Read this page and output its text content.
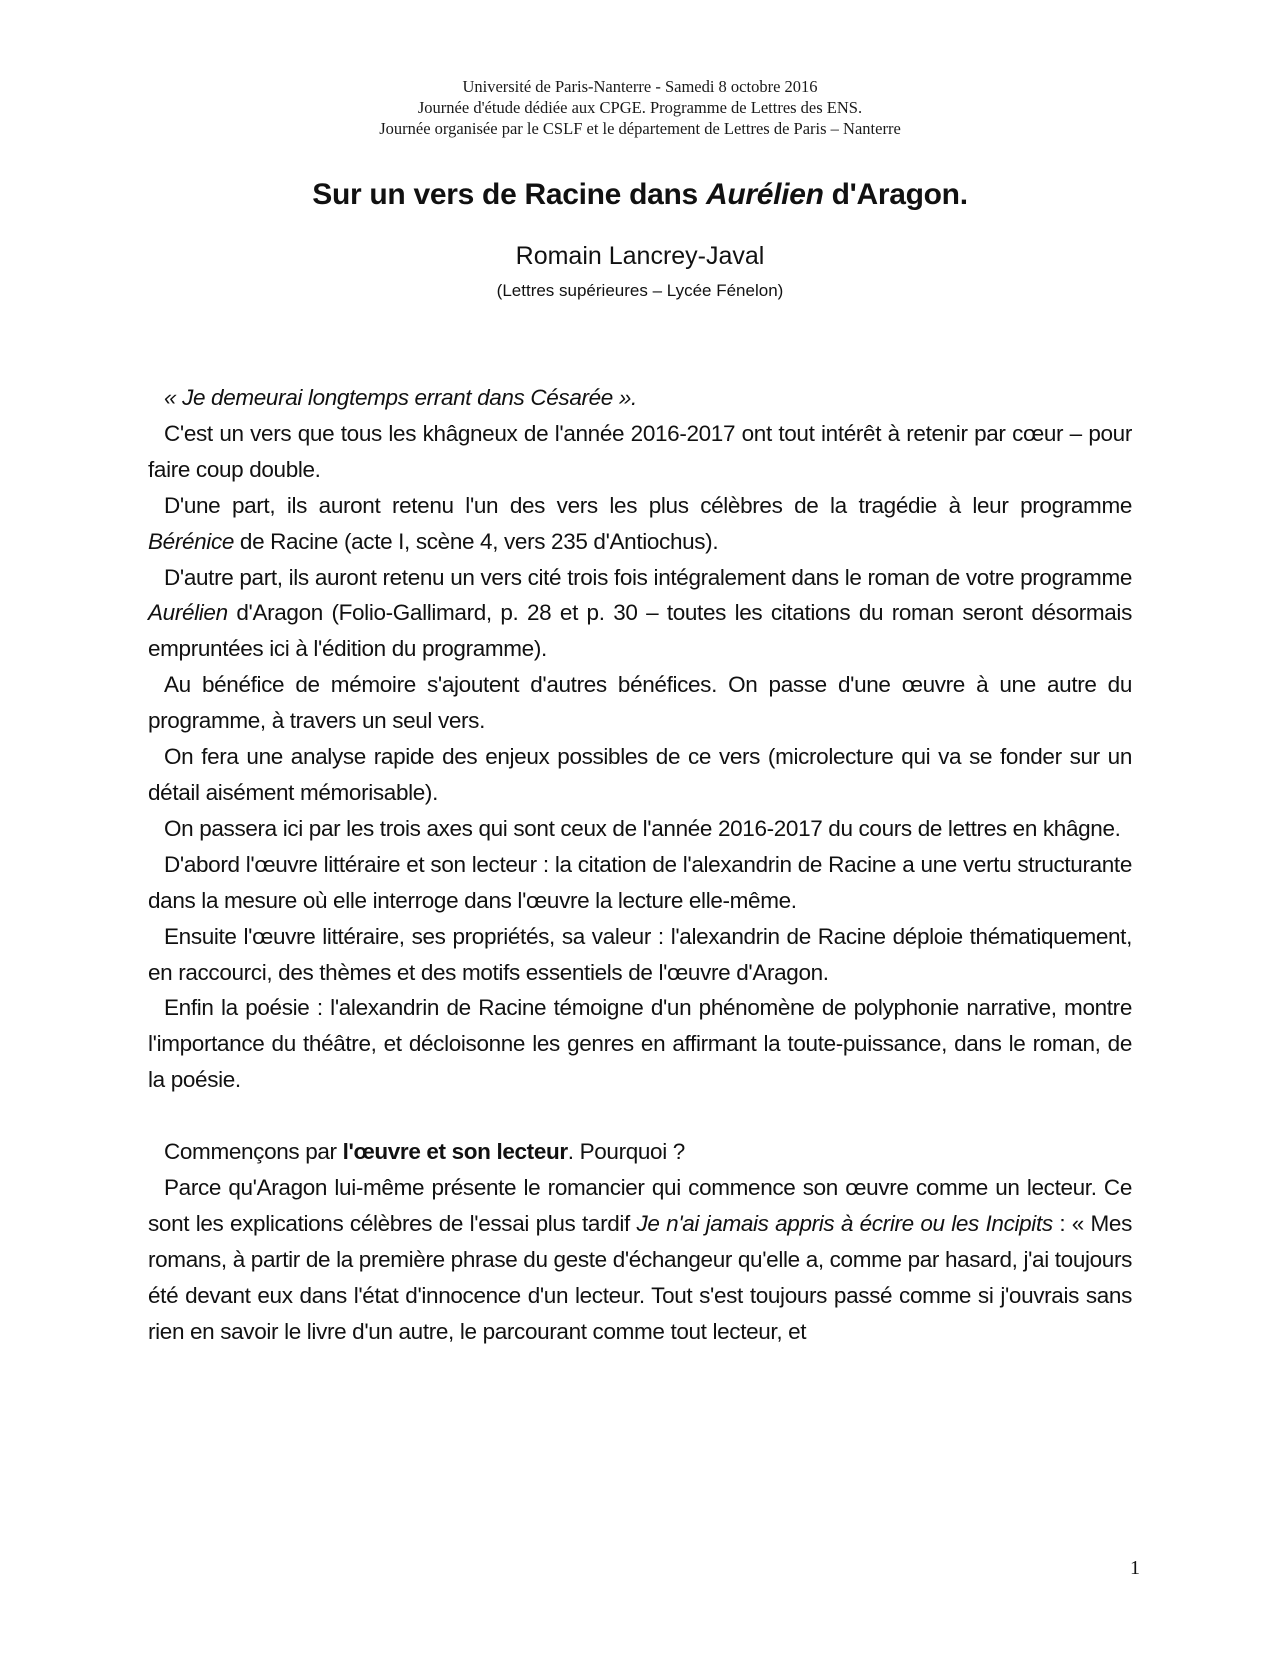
Université de Paris-Nanterre - Samedi 8 octobre 2016
Journée d'étude dédiée aux CPGE. Programme de Lettres des ENS.
Journée organisée par le CSLF et le département de Lettres de Paris – Nanterre
Sur un vers de Racine dans Aurélien d'Aragon.
Romain Lancrey-Javal
(Lettres supérieures – Lycée Fénelon)

« Je demeurai longtemps errant dans Césarée ».

C'est un vers que tous les khâgneux de l'année 2016-2017 ont tout intérêt à retenir par cœur – pour faire coup double.

D'une part, ils auront retenu l'un des vers les plus célèbres de la tragédie à leur programme Bérénice de Racine (acte I, scène 4, vers 235 d'Antiochus).

D'autre part, ils auront retenu un vers cité trois fois intégralement dans le roman de votre programme Aurélien d'Aragon (Folio-Gallimard, p. 28 et p. 30 – toutes les citations du roman seront désormais empruntées ici à l'édition du programme).

Au bénéfice de mémoire s'ajoutent d'autres bénéfices. On passe d'une œuvre à une autre du programme, à travers un seul vers.

On fera une analyse rapide des enjeux possibles de ce vers (microlecture qui va se fonder sur un détail aisément mémorisable).

On passera ici par les trois axes qui sont ceux de l'année 2016-2017 du cours de lettres en khâgne.

D'abord l'œuvre littéraire et son lecteur : la citation de l'alexandrin de Racine a une vertu structurante dans la mesure où elle interroge dans l'œuvre la lecture elle-même.

Ensuite l'œuvre littéraire, ses propriétés, sa valeur : l'alexandrin de Racine déploie thématiquement, en raccourci, des thèmes et des motifs essentiels de l'œuvre d'Aragon.

Enfin la poésie : l'alexandrin de Racine témoigne d'un phénomène de polyphonie narrative, montre l'importance du théâtre, et décloisonne les genres en affirmant la toute-puissance, dans le roman, de la poésie.

Commençons par l'œuvre et son lecteur. Pourquoi ?

Parce qu'Aragon lui-même présente le romancier qui commence son œuvre comme un lecteur. Ce sont les explications célèbres de l'essai plus tardif Je n'ai jamais appris à écrire ou les Incipits : « Mes romans, à partir de la première phrase du geste d'échangeur qu'elle a, comme par hasard, j'ai toujours été devant eux dans l'état d'innocence d'un lecteur. Tout s'est toujours passé comme si j'ouvrais sans rien en savoir le livre d'un autre, le parcourant comme tout lecteur, et

1
